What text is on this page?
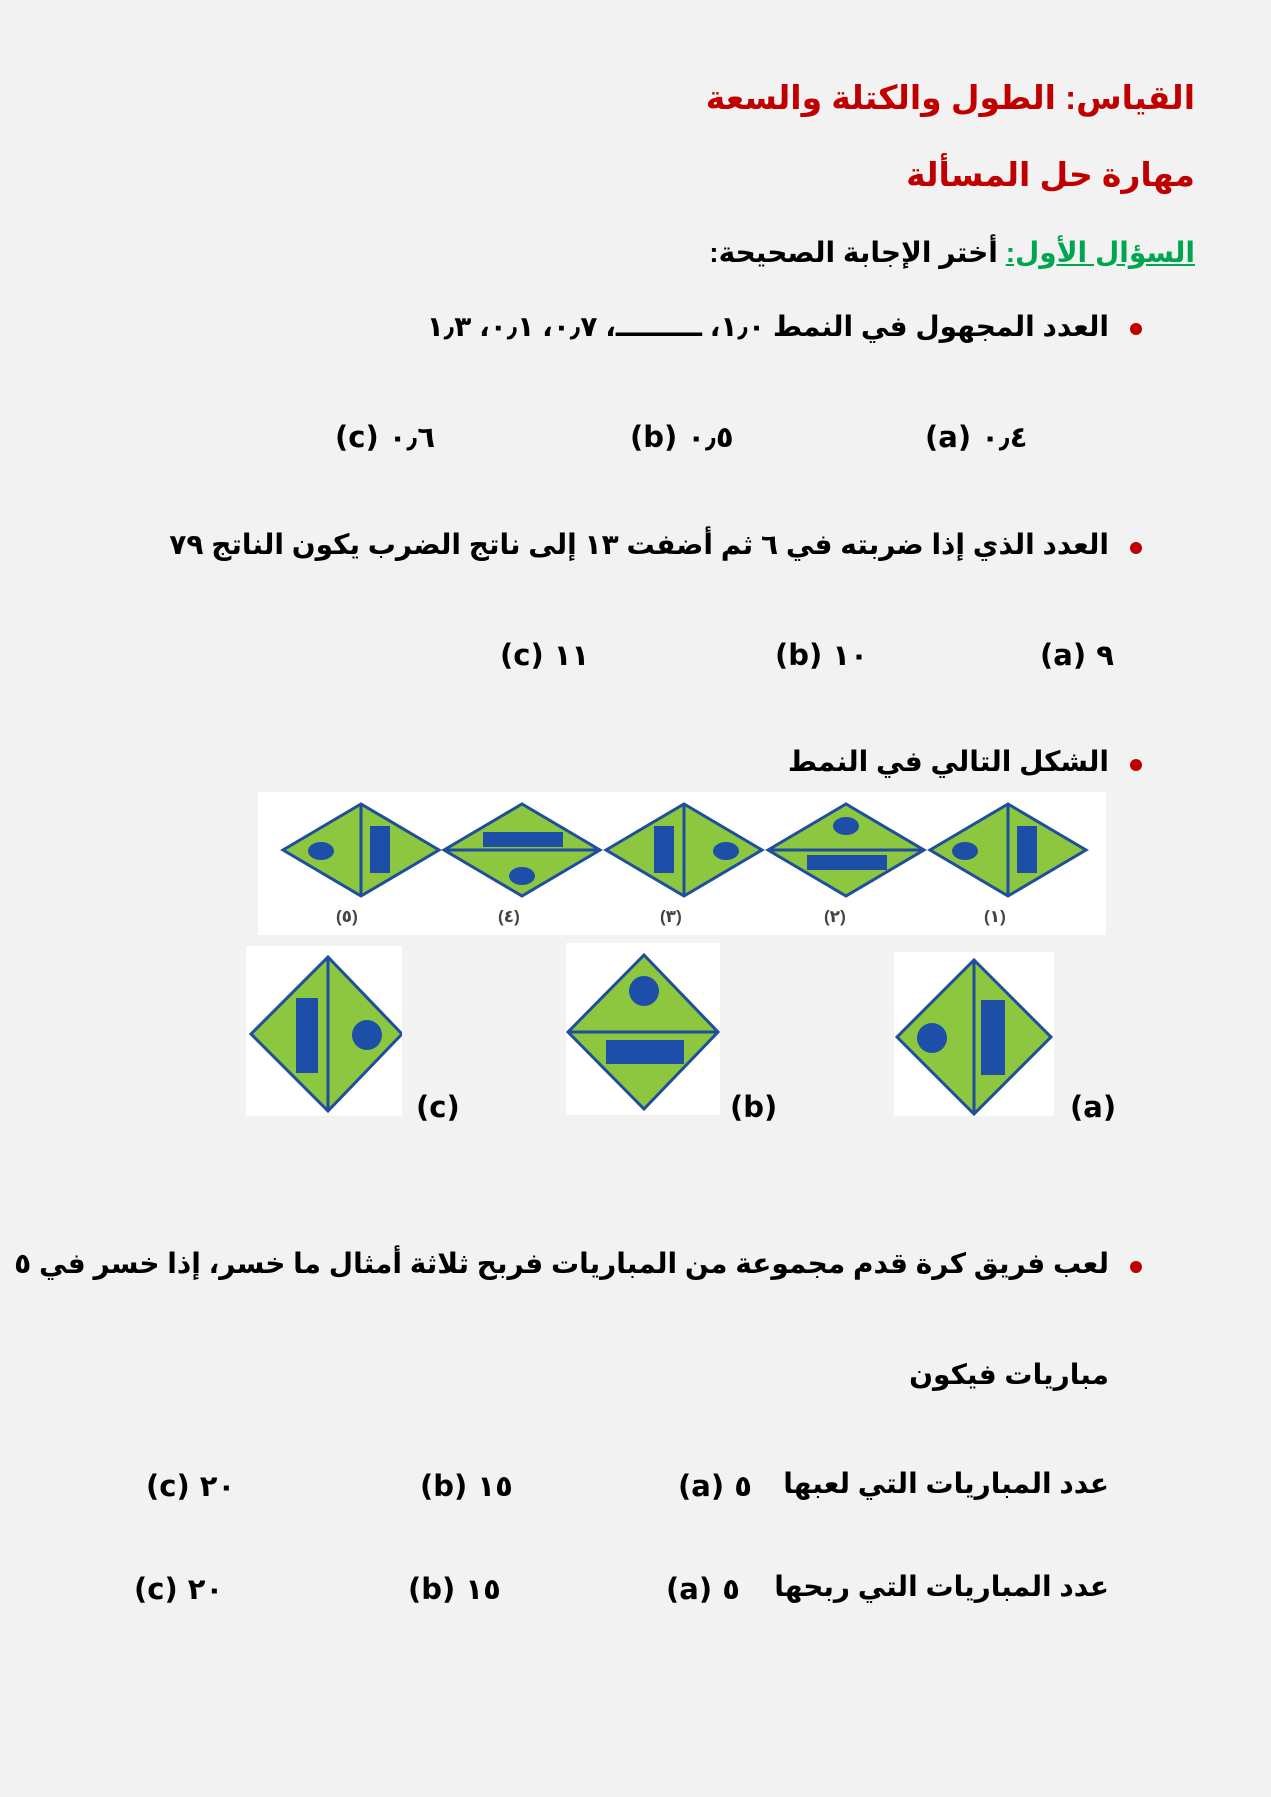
القياس: الطول والكتلة والسعة
مهارة حل المسألة
السؤال الأول: أختر الإجابة الصحيحة:
العدد المجهول في النمط ١٫٠، ـــــــــ، ٠٫٧، ٠٫١، ١٫٣
(a) ٠٫٤
(b) ٠٫٥
(c) ٠٫٦
العدد الذي إذا ضربته في ٦ ثم أضفت ١٣ إلى ناتج الضرب يكون الناتج ٧٩
(a) ٩
(b) ١٠
(c) ١١
الشكل التالي في النمط
(٥)	(٤)	(٣)	(٢)	(١)
(c)	(b)	(a)
لعب فريق كرة قدم مجموعة من المباريات فربح ثلاثة أمثال ما خسر، إذا خسر في ٥
مباريات فيكون
عدد المباريات التي لعبها
(a) ٥
(b) ١٥
(c) ٢٠
عدد المباريات التي ربحها
(a) ٥
(b) ١٥
(c) ٢٠
